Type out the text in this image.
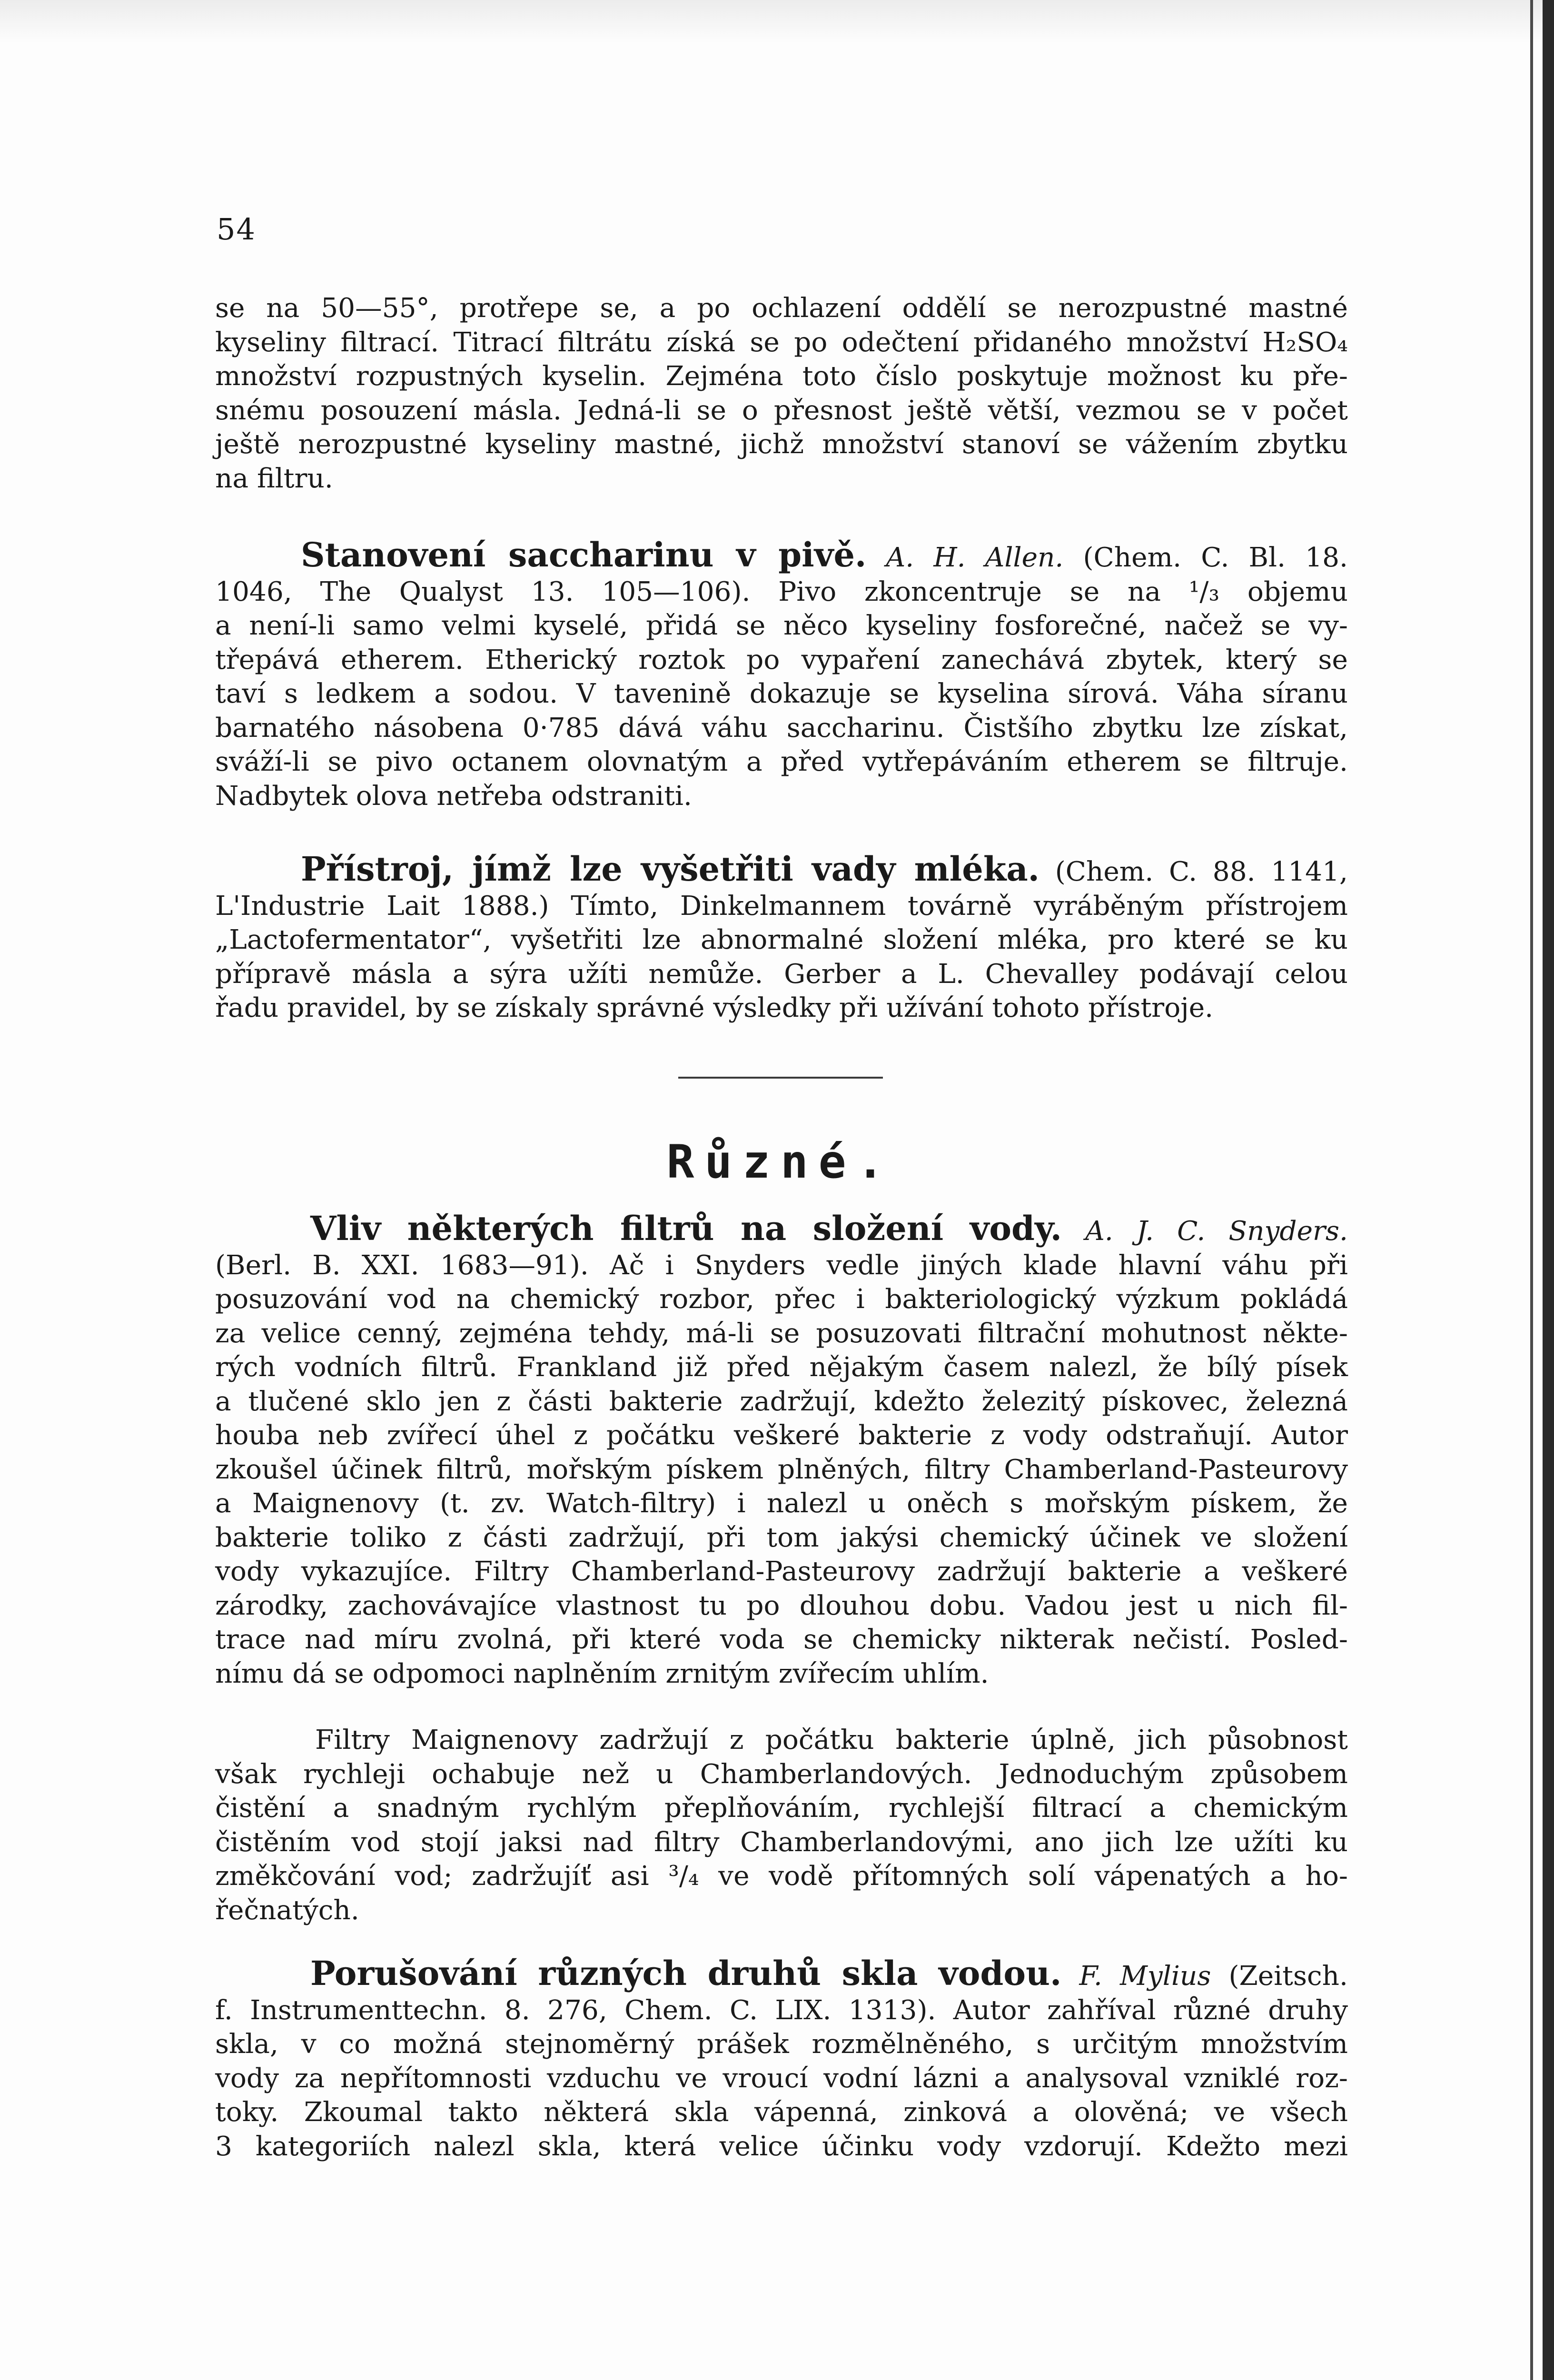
54
se na 50—55°, protřepe se, a po ochlazení oddělí se nerozpustné mastné
kyseliny filtrací. Titrací filtrátu získá se po odečtení přidaného množství H₂SO₄
množství rozpustných kyselin. Zejména toto číslo poskytuje možnost ku pře-
snému posouzení másla. Jedná-li se o přesnost ještě větší, vezmou se v počet
ještě nerozpustné kyseliny mastné, jichž množství stanoví se vážením zbytku
na filtru.
Stanovení saccharinu v pivě. A. H. Allen. (Chem. C. Bl. 18.
1046, The Qualyst 13. 105—106). Pivo zkoncentruje se na ¹/₃ objemu
a není-li samo velmi kyselé, přidá se něco kyseliny fosforečné, načež se vy-
třepává etherem. Etherický roztok po vypaření zanechává zbytek, který se
taví s ledkem a sodou. V tavenině dokazuje se kyselina sírová. Váha síranu
barnatého násobena 0·785 dává váhu saccharinu. Čistšího zbytku lze získat,
sváží-li se pivo octanem olovnatým a před vytřepáváním etherem se filtruje.
Nadbytek olova netřeba odstraniti.
Přístroj, jímž lze vyšetřiti vady mléka. (Chem. C. 88. 1141,
L'Industrie Lait 1888.) Tímto, Dinkelmannem továrně vyráběným přístrojem
„Lactofermentator“, vyšetřiti lze abnormalné složení mléka, pro které se ku
přípravě másla a sýra užíti nemůže. Gerber a L. Chevalley podávají celou
řadu pravidel, by se získaly správné výsledky při užívání tohoto přístroje.
Různé.
Vliv některých filtrů na složení vody. A. J. C. Snyders.
(Berl. B. XXI. 1683—91). Ač i Snyders vedle jiných klade hlavní váhu při
posuzování vod na chemický rozbor, přec i bakteriologický výzkum pokládá
za velice cenný, zejména tehdy, má-li se posuzovati filtrační mohutnost někte-
rých vodních filtrů. Frankland již před nějakým časem nalezl, že bílý písek
a tlučené sklo jen z části bakterie zadržují, kdežto železitý pískovec, železná
houba neb zvířecí úhel z počátku veškeré bakterie z vody odstraňují. Autor
zkoušel účinek filtrů, mořským pískem plněných, filtry Chamberland-Pasteurovy
a Maignenovy (t. zv. Watch-filtry) i nalezl u oněch s mořským pískem, že
bakterie toliko z části zadržují, při tom jakýsi chemický účinek ve složení
vody vykazujíce. Filtry Chamberland-Pasteurovy zadržují bakterie a veškeré
zárodky, zachovávajíce vlastnost tu po dlouhou dobu. Vadou jest u nich fil-
trace nad míru zvolná, při které voda se chemicky nikterak nečistí. Posled-
nímu dá se odpomoci naplněním zrnitým zvířecím uhlím.
Filtry Maignenovy zadržují z počátku bakterie úplně, jich působnost
však rychleji ochabuje než u Chamberlandových. Jednoduchým způsobem
čistění a snadným rychlým přeplňováním, rychlejší filtrací a chemickým
čistěním vod stojí jaksi nad filtry Chamberlandovými, ano jich lze užíti ku
změkčování vod; zadržujíť asi ³/₄ ve vodě přítomných solí vápenatých a ho-
řečnatých.
Porušování různých druhů skla vodou. F. Mylius (Zeitsch.
f. Instrumenttechn. 8. 276, Chem. C. LIX. 1313). Autor zahříval různé druhy
skla, v co možná stejnoměrný prášek rozmělněného, s určitým množstvím
vody za nepřítomnosti vzduchu ve vroucí vodní lázni a analysoval vzniklé roz-
toky. Zkoumal takto některá skla vápenná, zinková a olověná; ve všech
3 kategoriích nalezl skla, která velice účinku vody vzdorují. Kdežto mezi
